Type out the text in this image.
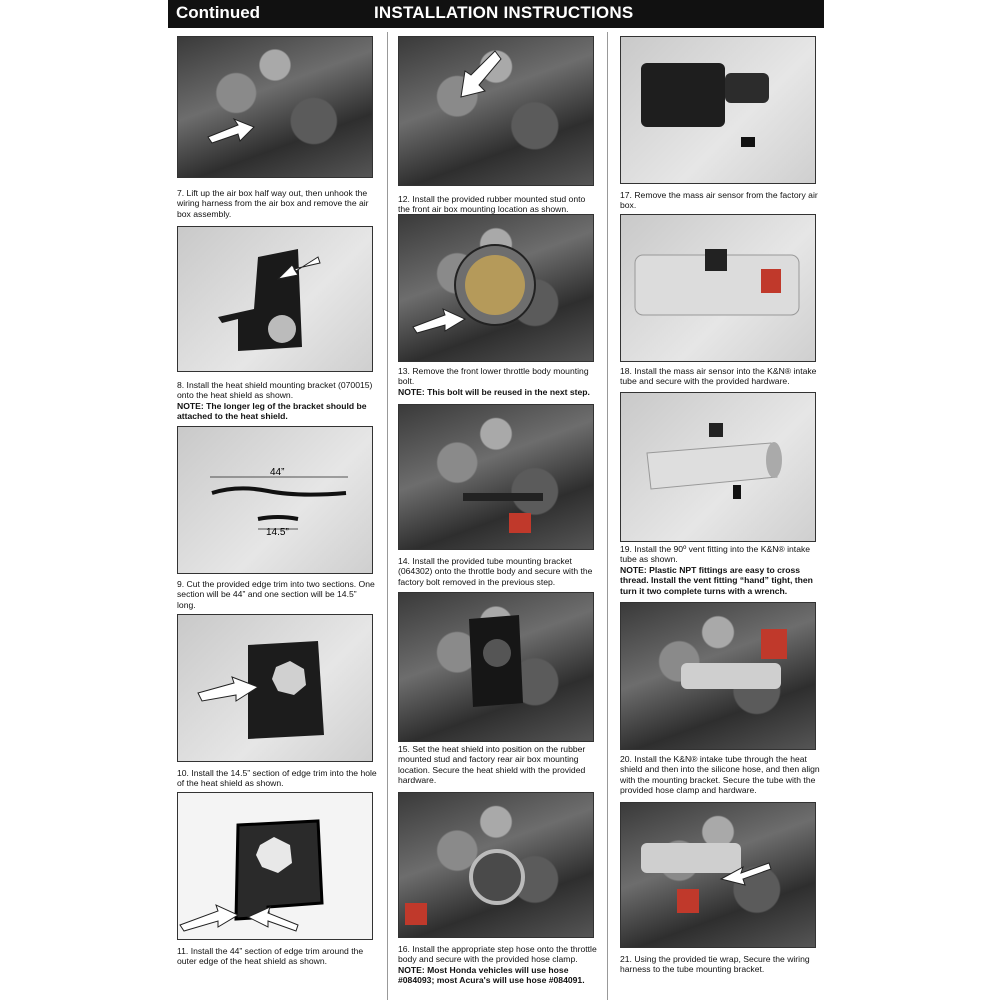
Continued	INSTALLATION INSTRUCTIONS
7. Lift up the air box half way out, then unhook the wiring harness from the air box and remove the air box assembly.
8. Install the heat shield mounting bracket (070015) onto the heat shield as shown.
NOTE: The longer leg of the bracket should be attached to the heat shield.
44”
14.5”
9. Cut the provided edge trim into two sections. One section will be 44” and one section will be 14.5” long.
10. Install the 14.5” section of edge trim into the hole of the heat shield as shown.
11. Install the 44” section of edge trim around the outer edge of the heat shield as shown.
12. Install the provided rubber mounted stud onto the front air box mounting location as shown.
13. Remove the front lower throttle body mounting bolt.
NOTE: This bolt will be reused in the next step.
14. Install the provided tube mounting bracket (064302) onto the throttle body and secure with the factory bolt removed in the previous step.
15. Set the heat shield into position on the rubber mounted stud and factory rear air box mounting location. Secure the heat shield with the provided hardware.
16. Install the appropriate step hose onto the throttle body and secure with the provided hose clamp.
NOTE: Most Honda vehicles will use hose #084093; most Acura's will use hose #084091.
17. Remove the mass air sensor from the factory air box.
18. Install the mass air sensor into the K&N® intake tube and secure with the provided hardware.
19. Install the 90º vent fitting into the K&N® intake tube as shown.
NOTE: Plastic NPT fittings are easy to cross thread. Install the vent fitting “hand” tight, then turn it two complete turns with a wrench.
20. Install the K&N® intake tube through the heat shield and then into the silicone hose, and then align with the mounting bracket. Secure the tube with the provided hose clamp and hardware.
21. Using the provided tie wrap, Secure the wiring harness to the tube mounting bracket.
